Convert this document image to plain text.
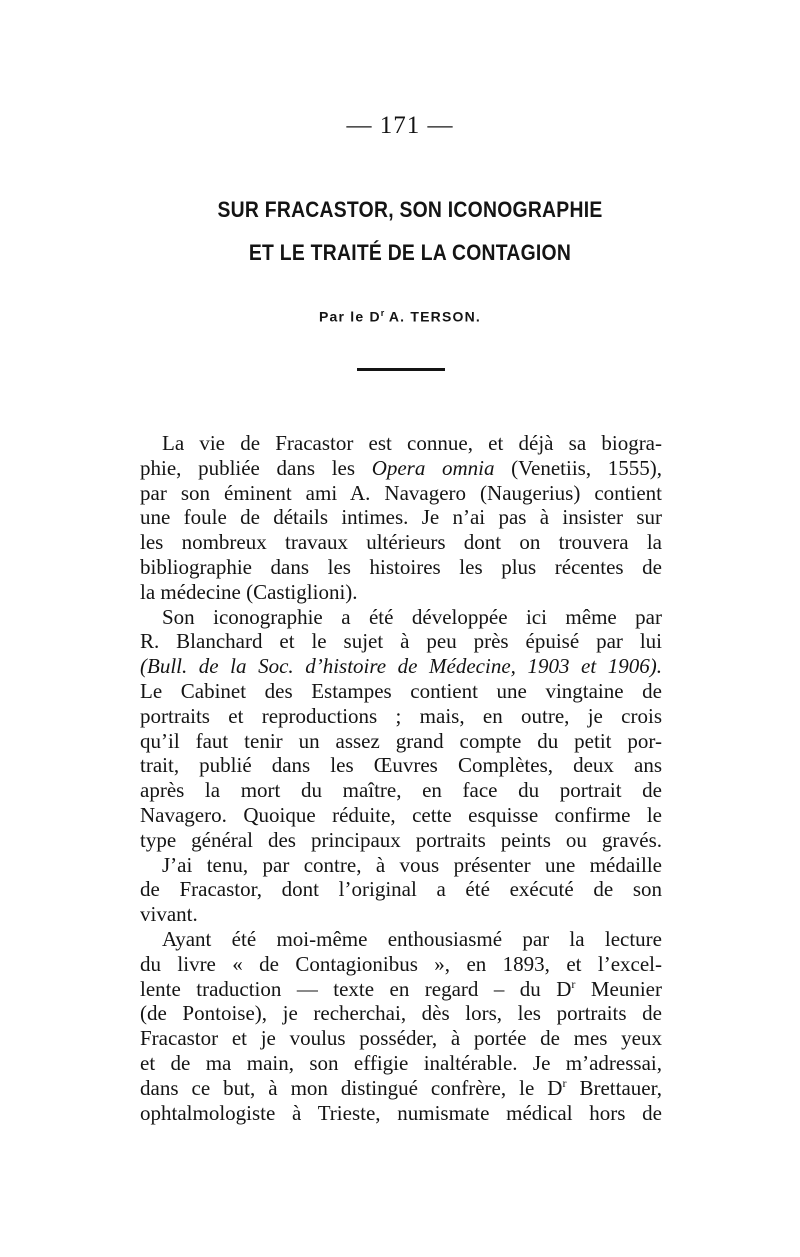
— 171 —
SUR FRACASTOR, SON ICONOGRAPHIE
ET LE TRAITÉ DE LA CONTAGION
Par le $D^r$ A. TERSON.
La vie de Fracastor est connue, et déjà sa biogra-
phie, publiée dans les Opera omnia (Venetiis, 1555),
par son éminent ami A. Navagero (Naugerius) contient
une foule de détails intimes. Je n’ai pas à insister sur
les nombreux travaux ultérieurs dont on trouvera la
bibliographie dans les histoires les plus récentes de
la médecine (Castiglioni).
Son iconographie a été développée ici même par
R. Blanchard et le sujet à peu près épuisé par lui
(Bull. de la Soc. d’histoire de Médecine, 1903 et 1906).
Le Cabinet des Estampes contient une vingtaine de
portraits et reproductions ; mais, en outre, je crois
qu’il faut tenir un assez grand compte du petit por-
trait, publié dans les Œuvres Complètes, deux ans
après la mort du maître, en face du portrait de
Navagero. Quoique réduite, cette esquisse confirme le
type général des principaux portraits peints ou gravés.
J’ai tenu, par contre, à vous présenter une médaille
de Fracastor, dont l’original a été exécuté de son
vivant.
Ayant été moi-même enthousiasmé par la lecture
du livre « de Contagionibus », en 1893, et l’excel-
lente traduction — texte en regard – du $D^r$ Meunier
(de Pontoise), je recherchai, dès lors, les portraits de
Fracastor et je voulus posséder, à portée de mes yeux
et de ma main, son effigie inaltérable. Je m’adressai,
dans ce but, à mon distingué confrère, le $D^r$ Brettauer,
ophtalmologiste à Trieste, numismate médical hors de
